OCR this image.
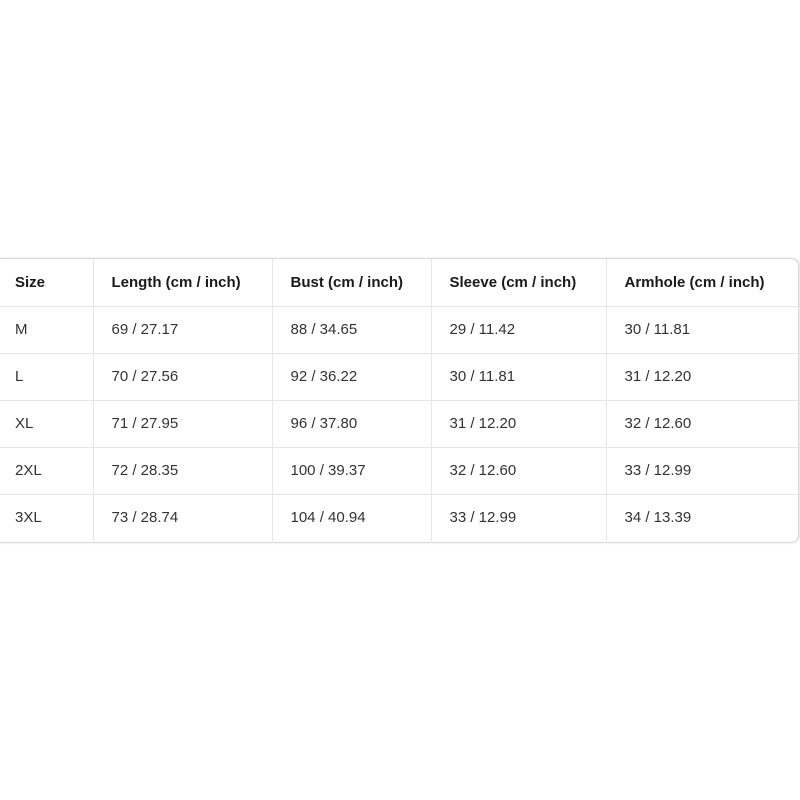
Size	Length (cm / inch)	Bust (cm / inch)	Sleeve (cm / inch)	Armhole (cm / inch)
M	69 / 27.17	88 / 34.65	29 / 11.42	30 / 11.81
L	70 / 27.56	92 / 36.22	30 / 11.81	31 / 12.20
XL	71 / 27.95	96 / 37.80	31 / 12.20	32 / 12.60
2XL	72 / 28.35	100 / 39.37	32 / 12.60	33 / 12.99
3XL	73 / 28.74	104 / 40.94	33 / 12.99	34 / 13.39
